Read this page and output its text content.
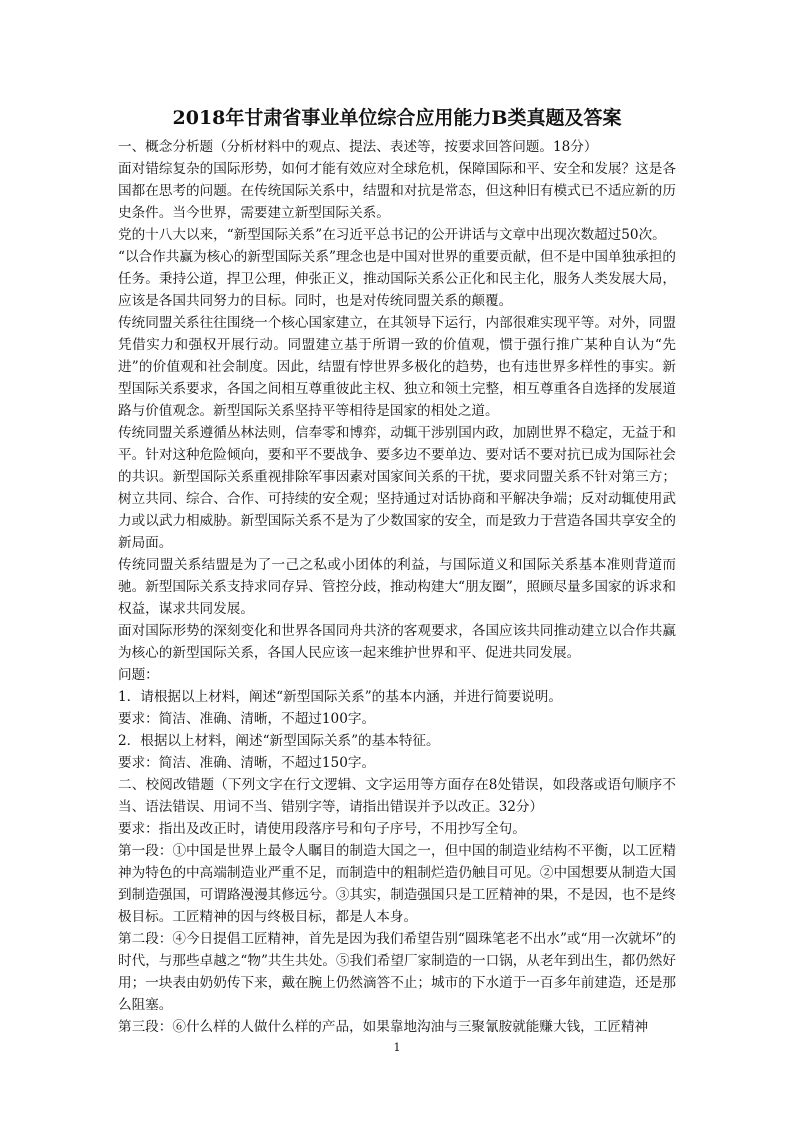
2018年甘肃省事业单位综合应用能力B类真题及答案

一、概念分析题（分析材料中的观点、提法、表述等，按要求回答问题。18分）

面对错综复杂的国际形势，如何才能有效应对全球危机，保障国际和平、安全和发展？这是各国都在思考的问题。在传统国际关系中，结盟和对抗是常态，但这种旧有模式已不适应新的历史条件。当今世界，需要建立新型国际关系。

党的十八大以来，“新型国际关系”在习近平总书记的公开讲话与文章中出现次数超过50次。

“以合作共赢为核心的新型国际关系”理念也是中国对世界的重要贡献，但不是中国单独承担的任务。秉持公道，捍卫公理，伸张正义，推动国际关系公正化和民主化，服务人类发展大局，应该是各国共同努力的目标。同时，也是对传统同盟关系的颠覆。

传统同盟关系往往围绕一个核心国家建立，在其领导下运行，内部很难实现平等。对外，同盟凭借实力和强权开展行动。同盟建立基于所谓一致的价值观，惯于强行推广某种自认为“先进”的价值观和社会制度。因此，结盟有悖世界多极化的趋势，也有违世界多样性的事实。新型国际关系要求，各国之间相互尊重彼此主权、独立和领土完整，相互尊重各自选择的发展道路与价值观念。新型国际关系坚持平等相待是国家的相处之道。

传统同盟关系遵循丛林法则，信奉零和博弈，动辄干涉别国内政，加剧世界不稳定，无益于和平。针对这种危险倾向，要和平不要战争、要多边不要单边、要对话不要对抗已成为国际社会的共识。新型国际关系重视排除军事因素对国家间关系的干扰，要求同盟关系不针对第三方；树立共同、综合、合作、可持续的安全观；坚持通过对话协商和平解决争端；反对动辄使用武力或以武力相威胁。新型国际关系不是为了少数国家的安全，而是致力于营造各国共享安全的新局面。

传统同盟关系结盟是为了一己之私或小团体的利益，与国际道义和国际关系基本准则背道而驰。新型国际关系支持求同存异、管控分歧，推动构建大“朋友圈”，照顾尽量多国家的诉求和权益，谋求共同发展。

面对国际形势的深刻变化和世界各国同舟共济的客观要求，各国应该共同推动建立以合作共赢为核心的新型国际关系，各国人民应该一起来维护世界和平、促进共同发展。

问题：

1．请根据以上材料，阐述“新型国际关系”的基本内涵，并进行简要说明。

要求：简洁、准确、清晰，不超过100字。

2．根据以上材料，阐述“新型国际关系”的基本特征。

要求：简洁、准确、清晰，不超过150字。

二、校阅改错题（下列文字在行文逻辑、文字运用等方面存在8处错误，如段落或语句顺序不当、语法错误、用词不当、错别字等，请指出错误并予以改正。32分）

要求：指出及改正时，请使用段落序号和句子序号，不用抄写全句。

第一段：①中国是世界上最令人瞩目的制造大国之一，但中国的制造业结构不平衡，以工匠精神为特色的中高端制造业严重不足，而制造中的粗制烂造仍触目可见。②中国想要从制造大国到制造强国，可谓路漫漫其修远兮。③其实，制造强国只是工匠精神的果，不是因，也不是终极目标。工匠精神的因与终极目标，都是人本身。

第二段：④今日提倡工匠精神，首先是因为我们希望告别“圆珠笔老不出水”或“用一次就坏”的时代，与那些卓越之“物”共生共处。⑤我们希望厂家制造的一口锅，从老年到出生，都仍然好用；一块表由奶奶传下来，戴在腕上仍然滴答不止；城市的下水道于一百多年前建造，还是那么阻塞。

第三段：⑥什么样的人做什么样的产品，如果靠地沟油与三聚氰胺就能赚大钱，工匠精神

1
